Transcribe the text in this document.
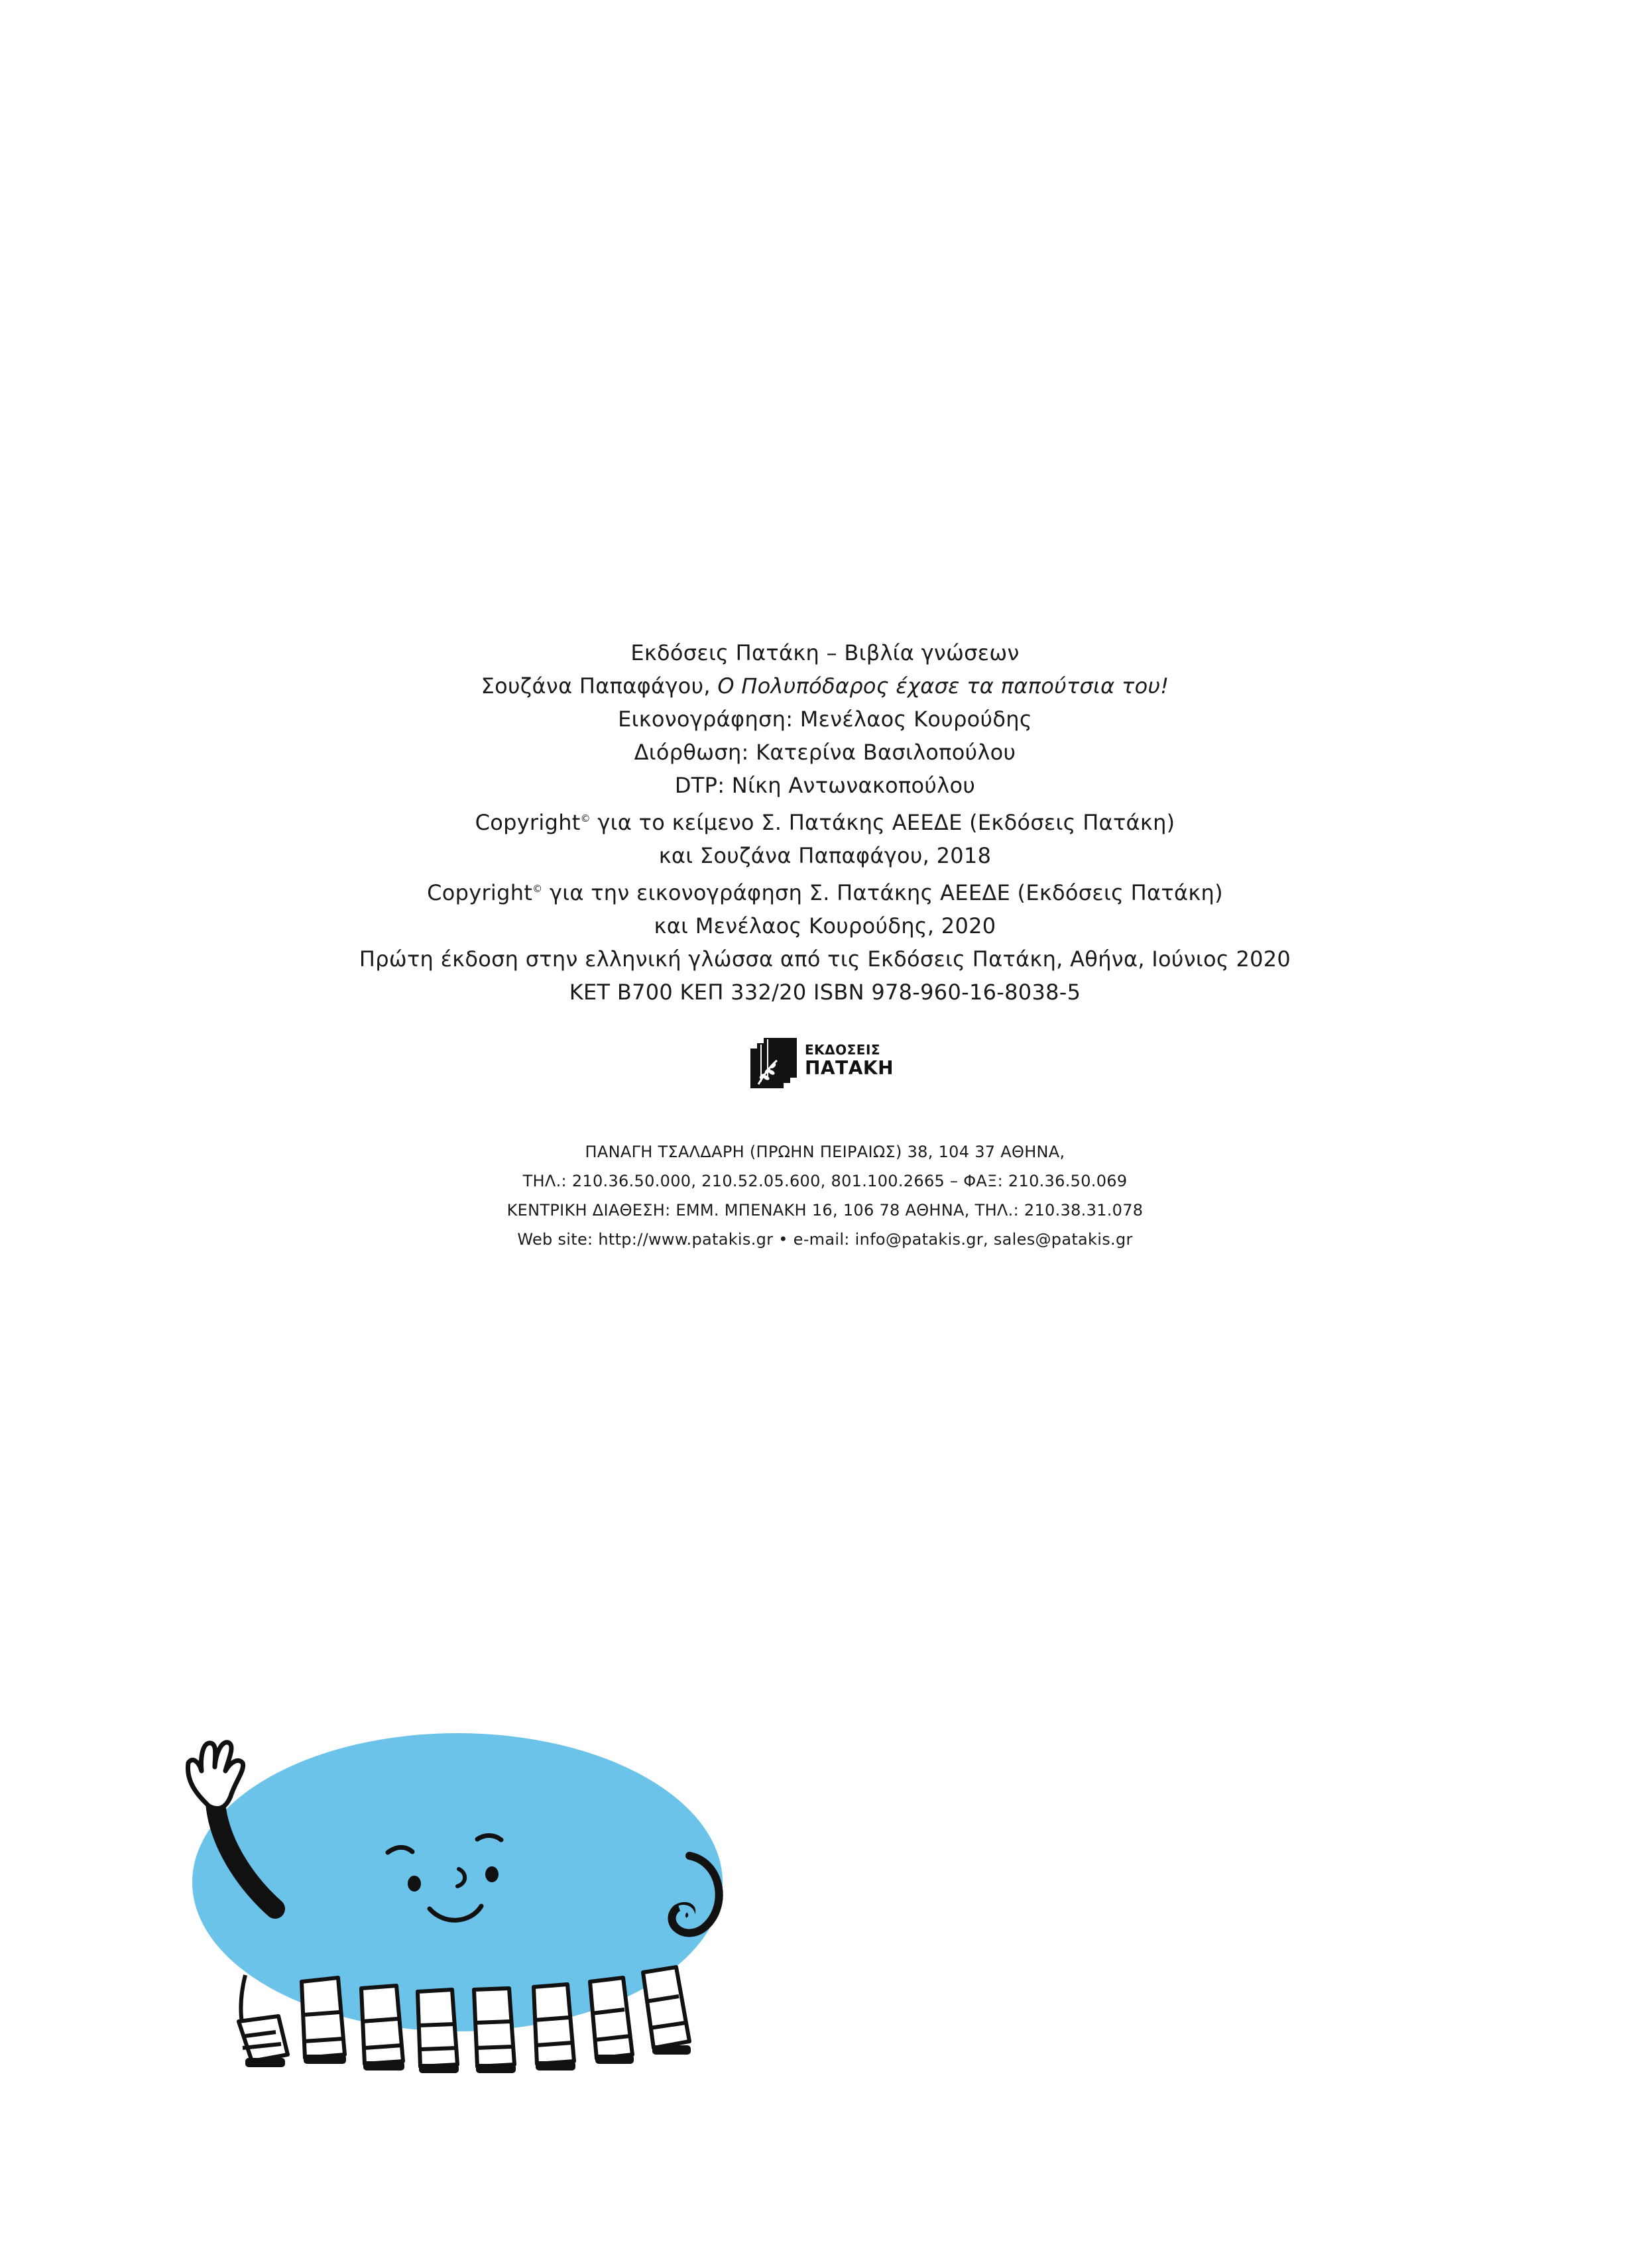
Εκδόσεις Πατάκη – Βιβλία γνώσεων
Σουζάνα Παπαφάγου, Ο Πολυπόδαρος έχασε τα παπούτσια του!
Εικονογράφηση: Μενέλαος Κουρούδης
Διόρθωση: Κατερίνα Βασιλοπούλου
DTP: Νίκη Αντωνακοπούλου
Copyright© για το κείμενο Σ. Πατάκης ΑΕΕΔΕ (Εκδόσεις Πατάκη)
και Σουζάνα Παπαφάγου, 2018
Copyright© για την εικονογράφηση Σ. Πατάκης ΑΕΕΔΕ (Εκδόσεις Πατάκη)
και Μενέλαος Κουρούδης, 2020
Πρώτη έκδοση στην ελληνική γλώσσα από τις Εκδόσεις Πατάκη, Αθήνα, Ιούνιος 2020
ΚΕΤ Β700 ΚΕΠ 332/20 ISBN 978-960-16-8038-5
ΕΚΔΟΣΕΙΣ
ΠΑΤΑΚΗ
ΠΑΝΑΓΗ ΤΣΑΛΔΑΡΗ (ΠΡΩΗΝ ΠΕΙΡΑΙΩΣ) 38, 104 37 ΑΘΗΝΑ,
ΤΗΛ.: 210.36.50.000, 210.52.05.600, 801.100.2665 – ΦΑΞ: 210.36.50.069
ΚΕΝΤΡΙΚΗ ΔΙΑΘΕΣΗ: ΕΜΜ. ΜΠΕΝΑΚΗ 16, 106 78 ΑΘΗΝΑ, ΤΗΛ.: 210.38.31.078
Web site: http://www.patakis.gr • e-mail: info@patakis.gr, sales@patakis.gr
